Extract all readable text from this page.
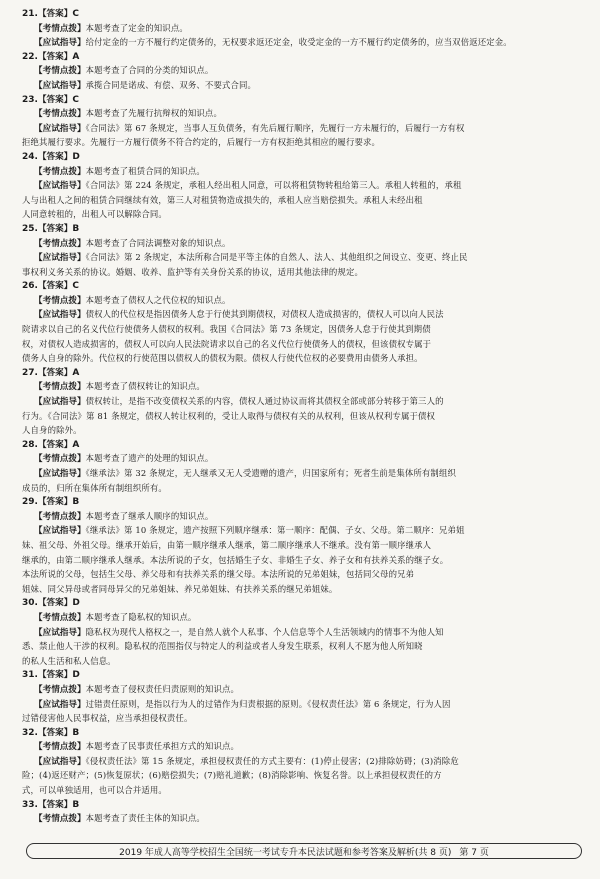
21.【答案】C
【考情点拨】本题考查了定金的知识点。
【应试指导】给付定金的一方不履行约定债务的，无权要求返还定金，收受定金的一方不履行约定债务的，应当双倍返还定金。
22.【答案】A
【考情点拨】本题考查了合同的分类的知识点。
【应试指导】承揽合同是诺成、有偿、双务、不要式合同。
23.【答案】C
【考情点拨】本题考查了先履行抗辩权的知识点。
【应试指导】《合同法》第 67 条规定，当事人互负债务，有先后履行顺序，先履行一方未履行的，后履行一方有权
拒绝其履行要求。先履行一方履行债务不符合约定的，后履行一方有权拒绝其相应的履行要求。
24.【答案】D
【考情点拨】本题考查了租赁合同的知识点。
【应试指导】《合同法》第 224 条规定，承租人经出租人同意，可以将租赁物转租给第三人。承租人转租的，承租
人与出租人之间的租赁合同继续有效，第三人对租赁物造成损失的，承租人应当赔偿损失。承租人未经出租
人同意转租的，出租人可以解除合同。
25.【答案】B
【考情点拨】本题考查了合同法调整对象的知识点。
【应试指导】《合同法》第 2 条规定，本法所称合同是平等主体的自然人、法人、其他组织之间设立、变更、终止民
事权利义务关系的协议。婚姻、收养、监护等有关身份关系的协议，适用其他法律的规定。
26.【答案】C
【考情点拨】本题考查了债权人之代位权的知识点。
【应试指导】债权人的代位权是指因债务人怠于行使其到期债权，对债权人造成损害的，债权人可以向人民法
院请求以自己的名义代位行使债务人债权的权利。我国《合同法》第 73 条规定，因债务人怠于行使其到期债
权，对债权人造成损害的，债权人可以向人民法院请求以自己的名义代位行使债务人的债权，但该债权专属于
债务人自身的除外。代位权的行使范围以债权人的债权为限。债权人行使代位权的必要费用由债务人承担。
27.【答案】A
【考情点拨】本题考查了债权转让的知识点。
【应试指导】债权转让，是指不改变债权关系的内容，债权人通过协议而将其债权全部或部分转移于第三人的
行为。《合同法》第 81 条规定，债权人转让权利的，受让人取得与债权有关的从权利，但该从权利专属于债权
人自身的除外。
28.【答案】A
【考情点拨】本题考查了遗产的处理的知识点。
【应试指导】《继承法》第 32 条规定，无人继承又无人受遗赠的遗产，归国家所有；死者生前是集体所有制组织
成员的，归所在集体所有制组织所有。
29.【答案】B
【考情点拨】本题考查了继承人顺序的知识点。
【应试指导】《继承法》第 10 条规定，遗产按照下列顺序继承：第一顺序：配偶、子女、父母。第二顺序：兄弟姐
妹、祖父母、外祖父母。继承开始后，由第一顺序继承人继承，第二顺序继承人不继承。没有第一顺序继承人
继承的，由第二顺序继承人继承。本法所说的子女，包括婚生子女、非婚生子女、养子女和有扶养关系的继子女。
本法所说的父母，包括生父母、养父母和有扶养关系的继父母。本法所说的兄弟姐妹，包括同父母的兄弟
姐妹、同父异母或者同母异父的兄弟姐妹、养兄弟姐妹、有扶养关系的继兄弟姐妹。
30.【答案】D
【考情点拨】本题考查了隐私权的知识点。
【应试指导】隐私权为现代人格权之一，是自然人就个人私事、个人信息等个人生活领域内的情事不为他人知
悉、禁止他人干涉的权利。隐私权的范围指仅与特定人的利益或者人身发生联系，权利人不愿为他人所知晓
的私人生活和私人信息。
31.【答案】D
【考情点拨】本题考查了侵权责任归责原则的知识点。
【应试指导】过错责任原则，是指以行为人的过错作为归责根据的原则。《侵权责任法》第 6 条规定，行为人因
过错侵害他人民事权益，应当承担侵权责任。
32.【答案】B
【考情点拨】本题考查了民事责任承担方式的知识点。
【应试指导】《侵权责任法》第 15 条规定，承担侵权责任的方式主要有：(1)停止侵害；(2)排除妨碍；(3)消除危
险；(4)返还财产；(5)恢复原状；(6)赔偿损失；(7)赔礼道歉；(8)消除影响、恢复名誉。以上承担侵权责任的方
式，可以单独适用，也可以合并适用。
33.【答案】B
【考情点拨】本题考查了责任主体的知识点。
2019 年成人高等学校招生全国统一考试专升本民法试题和参考答案及解析(共 8 页) 第 7 页
